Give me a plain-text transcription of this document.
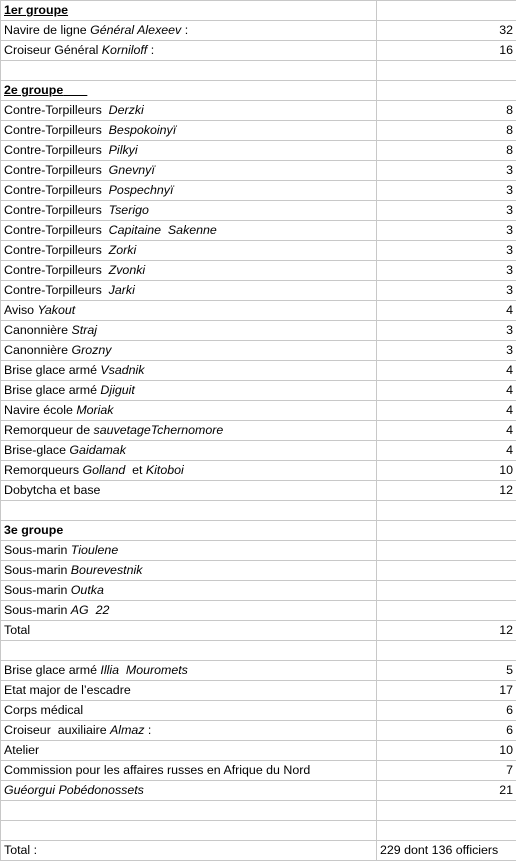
1er groupe	
Navire de ligne Général Alexeev :	32
Croiseur Général Korniloff :	16

2e groupe	
Contre-Torpilleurs  Derzki	8
Contre-Torpilleurs  Bespokoinyï	8
Contre-Torpilleurs  Pilkyi	8
Contre-Torpilleurs  Gnevnyï	3
Contre-Torpilleurs  Pospechnyï	3
Contre-Torpilleurs  Tserigo	3
Contre-Torpilleurs  Capitaine  Sakenne	3
Contre-Torpilleurs  Zorki	3
Contre-Torpilleurs  Zvonki	3
Contre-Torpilleurs  Jarki	3
Aviso Yakout	4
Canonnière Straj	3
Canonnière Grozny	3
Brise glace armé Vsadnik	4
Brise glace armé Djiguit	4
Navire école Moriak	4
Remorqueur de sauvetageTchernomore	4
Brise-glace Gaidamak	4
Remorqueurs Golland  et Kitoboi	10
Dobytcha et base	12

3e groupe	
Sous-marin Tioulene	
Sous-marin Bourevestnik	
Sous-marin Outka	
Sous-marin AG  22	
Total	12

Brise glace armé Illia  Mouromets	5
Etat major de l’escadre	17
Corps médical	6
Croiseur  auxiliaire Almaz :	6
Atelier	10
Commission pour les affaires russes en Afrique du Nord	7
Guéorgui Pobédonossets	21

Total :	229 dont 136 officiers
